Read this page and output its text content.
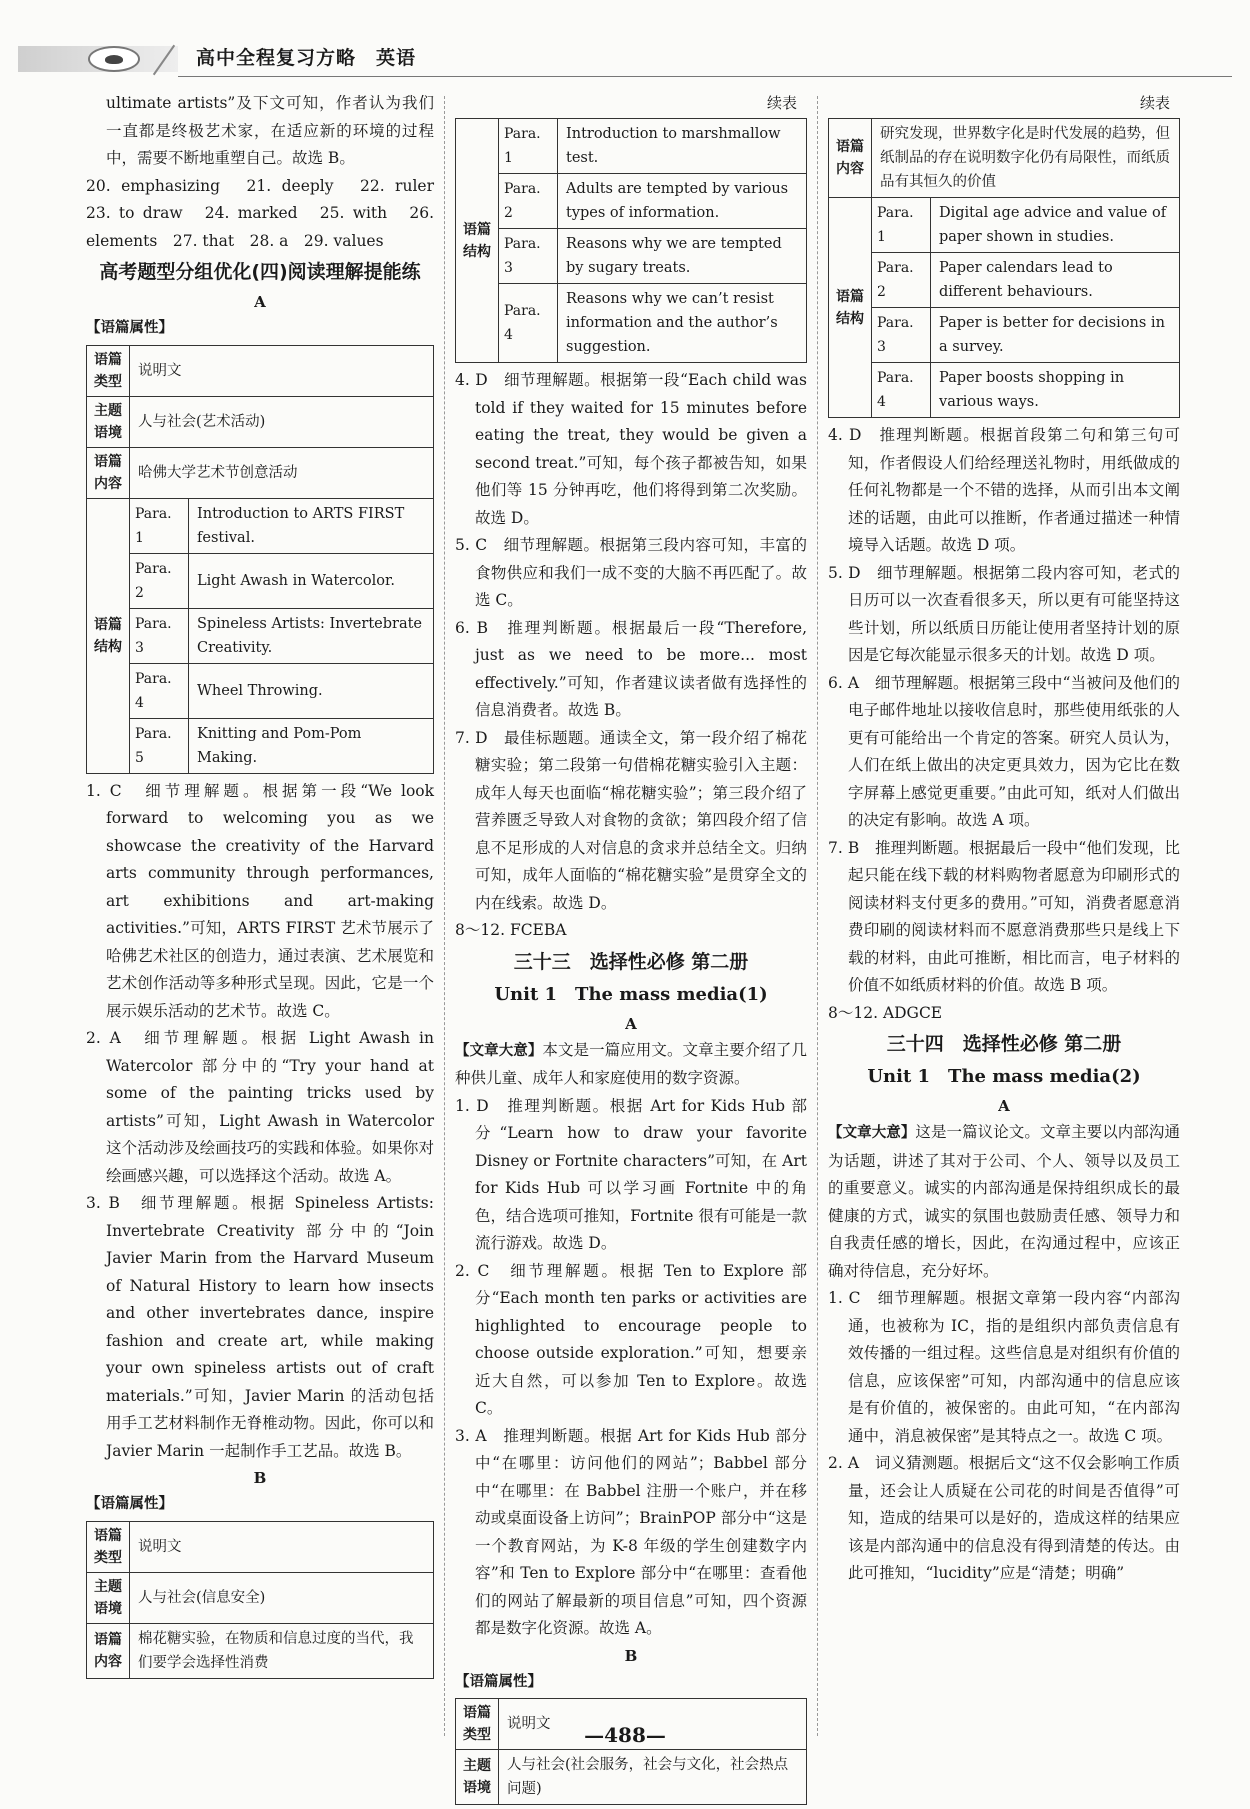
高中全程复习方略　英语

ultimate artists”及下文可知，作者认为我们一直都是终极艺术家，在适应新的环境的过程中，需要不断地重塑自己。故选 B。

20. emphasizing　21. deeply　22. ruler　23. to draw　24. marked　25. with　26. elements　27. that　28. a　29. values

高考题型分组优化(四)阅读理解提能练
A
【语篇属性】
语篇类型	说明文	
主题语境	人与社会(艺术活动)	
语篇内容	哈佛大学艺术节创意活动	
语篇结构	Para. 1	Introduction to ARTS FIRST festival.
	Para. 2	Light Awash in Watercolor.
	Para. 3	Spineless Artists: Invertebrate Creativity.
	Para. 4	Wheel Throwing.
	Para. 5	Knitting and Pom-Pom Making.

1. C　细节理解题。根据第一段“We look forward to welcoming you as we showcase the creativity of the Harvard arts community through performances, art exhibitions and art-making activities.”可知，ARTS FIRST 艺术节展示了哈佛艺术社区的创造力，通过表演、艺术展览和艺术创作活动等多种形式呈现。因此，它是一个展示娱乐活动的艺术节。故选 C。

2. A　细节理解题。根据 Light Awash in Watercolor 部分中的“Try your hand at some of the painting tricks used by artists”可知，Light Awash in Watercolor 这个活动涉及绘画技巧的实践和体验。如果你对绘画感兴趣，可以选择这个活动。故选 A。

3. B　细节理解题。根据 Spineless Artists: Invertebrate Creativity 部分中的“Join Javier Marin from the Harvard Museum of Natural History to learn how insects and other invertebrates dance, inspire fashion and create art, while making your own spineless artists out of craft materials.”可知，Javier Marin 的活动包括用手工艺材料制作无脊椎动物。因此，你可以和 Javier Marin 一起制作手工艺品。故选 B。

B
【语篇属性】
语篇类型	说明文
主题语境	人与社会(信息安全)
语篇内容	棉花糖实验，在物质和信息过度的当代，我们要学会选择性消费
续表
语篇结构	Para. 1	Introduction to marshmallow test.
	Para. 2	Adults are tempted by various types of information.
	Para. 3	Reasons why we are tempted by sugary treats.
	Para. 4	Reasons why we can’t resist information and the author’s suggestion.

4. D　细节理解题。根据第一段“Each child was told if they waited for 15 minutes before eating the treat, they would be given a second treat.”可知，每个孩子都被告知，如果他们等 15 分钟再吃，他们将得到第二次奖励。故选 D。

5. C　细节理解题。根据第三段内容可知，丰富的食物供应和我们一成不变的大脑不再匹配了。故选 C。

6. B　推理判断题。根据最后一段“Therefore, just as we need to be more... most effectively.”可知，作者建议读者做有选择性的信息消费者。故选 B。

7. D　最佳标题题。通读全文，第一段介绍了棉花糖实验；第二段第一句借棉花糖实验引入主题：成年人每天也面临“棉花糖实验”；第三段介绍了营养匮乏导致人对食物的贪欲；第四段介绍了信息不足形成的人对信息的贪求并总结全文。归纳可知，成年人面临的“棉花糖实验”是贯穿全文的内在线索。故选 D。

8～12. FCEBA

三十三　选择性必修 第二册
Unit 1　The mass media(1)
A

【文章大意】本文是一篇应用文。文章主要介绍了几种供儿童、成年人和家庭使用的数字资源。

1. D　推理判断题。根据 Art for Kids Hub 部分“Learn how to draw your favorite Disney or Fortnite characters”可知，在 Art for Kids Hub 可以学习画 Fortnite 中的角色，结合选项可推知，Fortnite 很有可能是一款流行游戏。故选 D。

2. C　细节理解题。根据 Ten to Explore 部分“Each month ten parks or activities are highlighted to encourage people to choose outside exploration.”可知，想要亲近大自然，可以参加 Ten to Explore。故选 C。

3. A　推理判断题。根据 Art for Kids Hub 部分中“在哪里：访问他们的网站”；Babbel 部分中“在哪里：在 Babbel 注册一个账户，并在移动或桌面设备上访问”；BrainPOP 部分中“这是一个教育网站，为 K-8 年级的学生创建数字内容”和 Ten to Explore 部分中“在哪里：查看他们的网站了解最新的项目信息”可知，四个资源都是数字化资源。故选 A。

B
【语篇属性】
语篇类型	说明文
主题语境	人与社会(社会服务，社会与文化，社会热点问题)
续表
语篇内容	研究发现，世界数字化是时代发展的趋势，但纸制品的存在说明数字化仍有局限性，而纸质品有其恒久的价值	
语篇结构	Para. 1	Digital age advice and value of paper shown in studies.
	Para. 2	Paper calendars lead to different behaviours.
	Para. 3	Paper is better for decisions in a survey.
	Para. 4	Paper boosts shopping in various ways.

4. D　推理判断题。根据首段第二句和第三句可知，作者假设人们给经理送礼物时，用纸做成的任何礼物都是一个不错的选择，从而引出本文阐述的话题，由此可以推断，作者通过描述一种情境导入话题。故选 D 项。

5. D　细节理解题。根据第二段内容可知，老式的日历可以一次查看很多天，所以更有可能坚持这些计划，所以纸质日历能让使用者坚持计划的原因是它每次能显示很多天的计划。故选 D 项。

6. A　细节理解题。根据第三段中“当被问及他们的电子邮件地址以接收信息时，那些使用纸张的人更有可能给出一个肯定的答案。研究人员认为，人们在纸上做出的决定更具效力，因为它比在数字屏幕上感觉更重要。”由此可知，纸对人们做出的决定有影响。故选 A 项。

7. B　推理判断题。根据最后一段中“他们发现，比起只能在线下载的材料购物者愿意为印刷形式的阅读材料支付更多的费用。”可知，消费者愿意消费印刷的阅读材料而不愿意消费那些只是线上下载的材料，由此可推断，相比而言，电子材料的价值不如纸质材料的价值。故选 B 项。

8～12. ADGCE

三十四　选择性必修 第二册
Unit 1　The mass media(2)
A

【文章大意】这是一篇议论文。文章主要以内部沟通为话题，讲述了其对于公司、个人、领导以及员工的重要意义。诚实的内部沟通是保持组织成长的最健康的方式，诚实的氛围也鼓励责任感、领导力和自我责任感的增长，因此，在沟通过程中，应该正确对待信息，充分好坏。

1. C　细节理解题。根据文章第一段内容“内部沟通，也被称为 IC，指的是组织内部负责信息有效传播的一组过程。这些信息是对组织有价值的信息，应该保密”可知，内部沟通中的信息应该是有价值的，被保密的。由此可知，“在内部沟通中，消息被保密”是其特点之一。故选 C 项。

2. A　词义猜测题。根据后文“这不仅会影响工作质量，还会让人质疑在公司花的时间是否值得”可知，造成的结果可以是好的，造成这样的结果应该是内部沟通中的信息没有得到清楚的传达。由此可推知，“lucidity”应是“清楚；明确”

—488—
